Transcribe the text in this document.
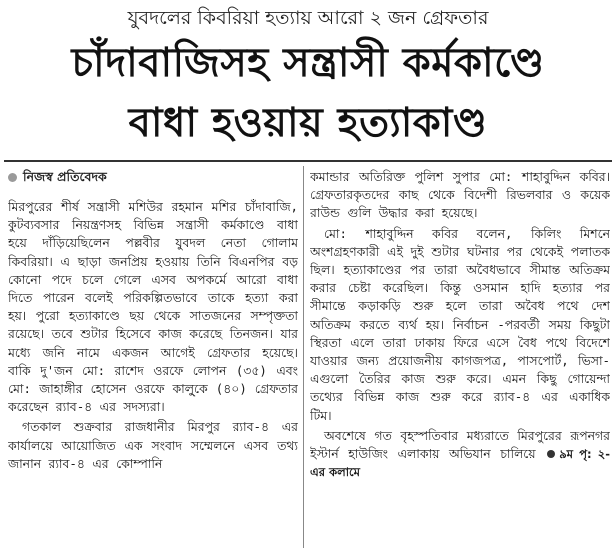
যুবদলের কিবরিয়া হত্যায় আরো ২ জন গ্রেফতার
চাঁদাবাজিসহ সন্ত্রাসী কর্মকাণ্ডে
বাধা হওয়ায় হত্যাকাণ্ড
নিজস্ব প্রতিবেদক

মিরপুরের শীর্ষ সন্ত্রাসী মশিউর রহমান মশির চাঁদাবাজি, কুটব্যবসার নিয়ন্ত্রণসহ বিভিন্ন সন্ত্রাসী কর্মকাণ্ডে বাধা হয়ে দাঁড়িয়েছিলেন পল্লবীর যুবদল নেতা গোলাম কিবরিয়া। এ ছাড়া জনপ্রিয় হওয়ায় তিনি বিএনপির বড় কোনো পদে চলে গেলে এসব অপকর্মে আরো বাধা দিতে পারেন বলেই পরিকল্পিতভাবে তাকে হত্যা করা হয়। পুরো হত্যাকাণ্ডে ছয় থেকে সাতজনের সম্পৃক্ততা রয়েছে। তবে শুটার হিসেবে কাজ করেছে তিনজন। যার মধ্যে জনি নামে একজন আগেই গ্রেফতার হয়েছে। বাকি দু'জন মো: রাশেদ ওরফে লোপন (৩৫) এবং মো: জাহাঙ্গীর হোসেন ওরফে কালু্কে (৪০) গ্রেফতার করেছেন র‍্যাব-৪ এর সদস্যরা।

গতকাল শুক্রবার রাজধানীর মিরপুর র‍্যাব-৪ এর কার্যালয়ে আয়োজিত এক সংবাদ সম্মেলনে এসব তথ্য জানান র‍্যাব-৪ এর কোম্পানি

কমান্ডার অতিরিক্ত পুলিশ সুপার মো: শাহাবুদ্দিন কবির। গ্রেফতারকৃতদের কাছ থেকে বিদেশী রিভলবার ও কয়েক রাউন্ড গুলি উদ্ধার করা হয়েছে।

মো: শাহাবুদ্দিন কবির বলেন, কিলিং মিশনে অংশগ্রহণকারী এই দুই শুটার ঘটনার পর থেকেই পলাতক ছিল। হত্যাকাণ্ডের পর তারা অবৈধভাবে সীমান্ত অতিক্রম করার চেষ্টা করেছিল। কিন্তু ওসমান হাদি হত্যার পর সীমান্তে কড়াকড়ি শুরু হলে তারা অবৈধ পথে দেশ অতিক্রম করতে ব্যর্থ হয়। নির্বাচন -পরবর্তী সময় কিছুটা স্থিরতা এলে তারা ঢাকায় ফিরে এসে বৈধ পথে বিদেশে যাওয়ার জন্য প্রয়োজনীয় কাগজপত্র, পাসপোর্ট, ভিসা- এগুলো তৈরির কাজ শুরু করে। এমন কিছু গোয়েন্দা তথ্যের বিভিন্ন কাজ শুরু করে র‍্যাব-৪ এর একাধিক টিম।

অবশেষে গত বৃহস্পতিবার মধ্যরাতে মিরপুরের রূপনগর ইস্টার্ন হাউজিং এলাকায় অভিযান চালিয়ে ৯ম পৃ: ২-এর কলামে
